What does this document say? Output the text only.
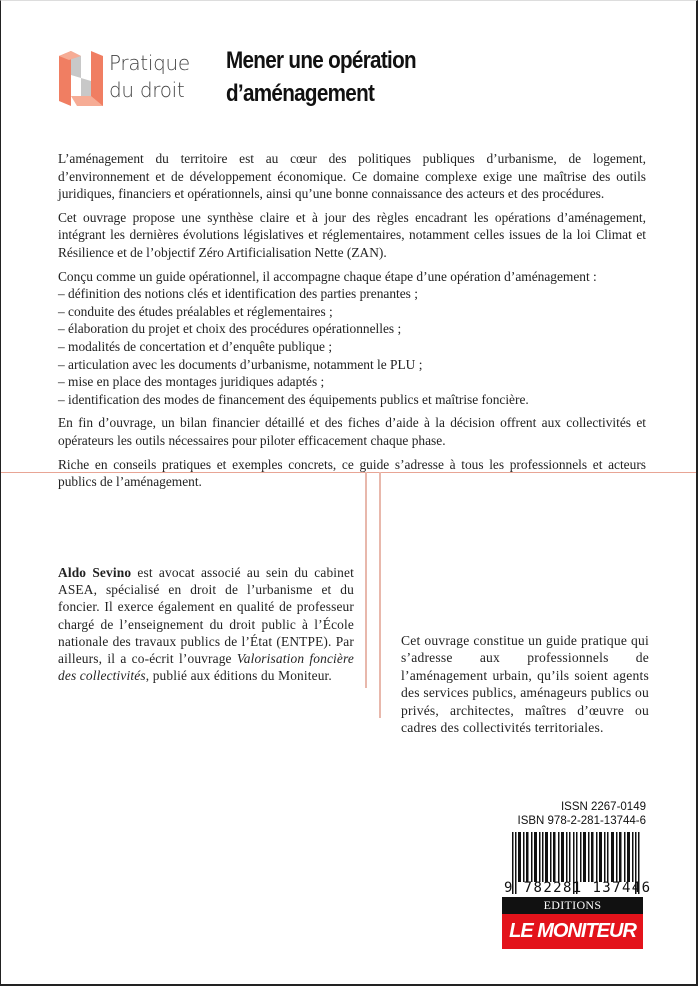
Pratique
du droit
Mener une opération
d’aménagement

L’aménagement du territoire est au cœur des politiques publiques d’urbanisme, de logement, d’environnement et de développement économique. Ce domaine complexe exige une maîtrise des outils juridiques, financiers et opérationnels, ainsi qu’une bonne connaissance des acteurs et des procédures.

Cet ouvrage propose une synthèse claire et à jour des règles encadrant les opérations d’aménagement, intégrant les dernières évolutions législatives et réglementaires, notamment celles issues de la loi Climat et Résilience et de l’objectif Zéro Artificialisation Nette (ZAN).

Conçu comme un guide opérationnel, il accompagne chaque étape d’une opération d’aménagement :

– définition des notions clés et identification des parties prenantes ;
– conduite des études préalables et réglementaires ;
– élaboration du projet et choix des procédures opérationnelles ;
– modalités de concertation et d’enquête publique ;
– articulation avec les documents d’urbanisme, notamment le PLU ;
– mise en place des montages juridiques adaptés ;
– identification des modes de financement des équipements publics et maîtrise foncière.

En fin d’ouvrage, un bilan financier détaillé et des fiches d’aide à la décision offrent aux collectivités et opérateurs les outils nécessaires pour piloter efficacement chaque phase.

Riche en conseils pratiques et exemples concrets, ce guide s’adresse à tous les professionnels et acteurs publics de l’aménagement.

Aldo Sevino est avocat associé au sein du cabinet ASEA, spécialisé en droit de l’urbanisme et du foncier. Il exerce également en qualité de professeur chargé de l’enseignement du droit public à l’École nationale des travaux publics de l’État (ENTPE). Par ailleurs, il a co-écrit l’ouvrage Valorisation foncière des collectivités, publié aux éditions du Moniteur.
Cet ouvrage constitue un guide pratique qui s’adresse aux professionnels de l’aménagement urbain, qu’ils soient agents des services publics, aménageurs publics ou privés, architectes, maîtres d’œuvre ou cadres des collectivités territoriales.
ISSN 2267-0149
ISBN 978-2-281-13744-6
9 782281 137446
EDITIONS
LE MONITEUR
